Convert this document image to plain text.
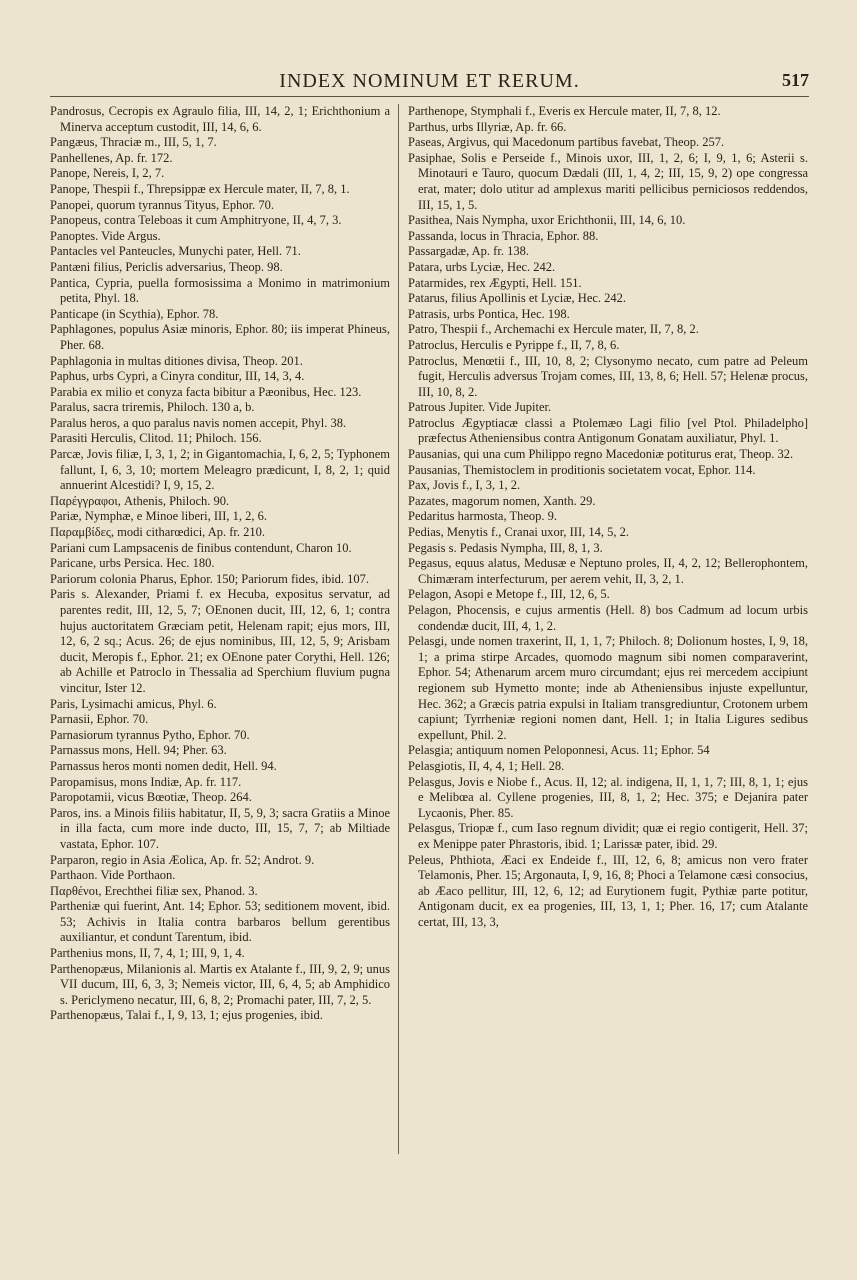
INDEX NOMINUM ET RERUM.	517

Pandrosus, Cecropis ex Agraulo filia, III, 14, 2, 1; Erichthonium a Minerva acceptum custodit, III, 14, 6, 6.

Pangæus, Thraciæ m., III, 5, 1, 7.

Panhellenes, Ap. fr. 172.

Panope, Nereis, I, 2, 7.

Panope, Thespii f., Threpsippæ ex Hercule mater, II, 7, 8, 1.

Panopei, quorum tyrannus Tityus, Ephor. 70.

Panopeus, contra Teleboas it cum Amphitryone, II, 4, 7, 3.

Panoptes. Vide Argus.

Pantacles vel Panteucles, Munychi pater, Hell. 71.

Pantæni filius, Periclis adversarius, Theop. 98.

Pantica, Cypria, puella formosissima a Monimo in matrimonium petita, Phyl. 18.

Panticape (in Scythia), Ephor. 78.

Paphlagones, populus Asiæ minoris, Ephor. 80; iis imperat Phineus, Pher. 68.

Paphlagonia in multas ditiones divisa, Theop. 201.

Paphus, urbs Cypri, a Cinyra conditur, III, 14, 3, 4.

Parabia ex milio et conyza facta bibitur a Pæonibus, Hec. 123.

Paralus, sacra triremis, Philoch. 130 a, b.

Paralus heros, a quo paralus navis nomen accepit, Phyl. 38.

Parasiti Herculis, Clitod. 11; Philoch. 156.

Parcæ, Jovis filiæ, I, 3, 1, 2; in Gigantomachia, I, 6, 2, 5; Typhonem fallunt, I, 6, 3, 10; mortem Meleagro prædicunt, I, 8, 2, 1; quid annuerint Alcestidi? I, 9, 15, 2.

Παρέγγραφοι, Athenis, Philoch. 90.

Pariæ, Nymphæ, e Minoe liberi, III, 1, 2, 6.

Παραμβίδες, modi citharœdici, Ap. fr. 210.

Pariani cum Lampsacenis de finibus contendunt, Charon 10.

Paricane, urbs Persica. Hec. 180.

Pariorum colonia Pharus, Ephor. 150; Pariorum fides, ibid. 107.

Paris s. Alexander, Priami f. ex Hecuba, expositus servatur, ad parentes redit, III, 12, 5, 7; OEnonen ducit, III, 12, 6, 1; contra hujus auctoritatem Græciam petit, Helenam rapit; ejus mors, III, 12, 6, 2 sq.; Acus. 26; de ejus nominibus, III, 12, 5, 9; Arisbam ducit, Meropis f., Ephor. 21; ex OEnone pater Corythi, Hell. 126; ab Achille et Patroclo in Thessalia ad Sperchium fluvium pugna vincitur, Ister 12.

Paris, Lysimachi amicus, Phyl. 6.

Parnasii, Ephor. 70.

Parnasiorum tyrannus Pytho, Ephor. 70.

Parnassus mons, Hell. 94; Pher. 63.

Parnassus heros monti nomen dedit, Hell. 94.

Paropamisus, mons Indiæ, Ap. fr. 117.

Paropotamii, vicus Bœotiæ, Theop. 264.

Paros, ins. a Minois filiis habitatur, II, 5, 9, 3; sacra Gratiis a Minoe in illa facta, cum more inde ducto, III, 15, 7, 7; ab Miltiade vastata, Ephor. 107.

Parparon, regio in Asia Æolica, Ap. fr. 52; Androt. 9.

Parthaon. Vide Porthaon.

Παρθένοι, Erechthei filiæ sex, Phanod. 3.

Partheniæ qui fuerint, Ant. 14; Ephor. 53; seditionem movent, ibid. 53; Achivis in Italia contra barbaros bellum gerentibus auxiliantur, et condunt Tarentum, ibid.

Parthenius mons, II, 7, 4, 1; III, 9, 1, 4.

Parthenopæus, Milanionis al. Martis ex Atalante f., III, 9, 2, 9; unus VII ducum, III, 6, 3, 3; Nemeis victor, III, 6, 4, 5; ab Amphidico s. Periclymeno necatur, III, 6, 8, 2; Promachi pater, III, 7, 2, 5.

Parthenopæus, Talai f., I, 9, 13, 1; ejus progenies, ibid.

Parthenope, Stymphali f., Everis ex Hercule mater, II, 7, 8, 12.

Parthus, urbs Illyriæ, Ap. fr. 66.

Paseas, Argivus, qui Macedonum partibus favebat, Theop. 257.

Pasiphae, Solis e Perseide f., Minois uxor, III, 1, 2, 6; I, 9, 1, 6; Asterii s. Minotauri e Tauro, quocum Dædali (III, 1, 4, 2; III, 15, 9, 2) ope congressa erat, mater; dolo utitur ad amplexus mariti pellicibus perniciosos reddendos, III, 15, 1, 5.

Pasithea, Nais Nympha, uxor Erichthonii, III, 14, 6, 10.

Passanda, locus in Thracia, Ephor. 88.

Passargadæ, Ap. fr. 138.

Patara, urbs Lyciæ, Hec. 242.

Patarmides, rex Ægypti, Hell. 151.

Patarus, filius Apollinis et Lyciæ, Hec. 242.

Patrasis, urbs Pontica, Hec. 198.

Patro, Thespii f., Archemachi ex Hercule mater, II, 7, 8, 2.

Patroclus, Herculis e Pyrippe f., II, 7, 8, 6.

Patroclus, Menœtii f., III, 10, 8, 2; Clysonymo necato, cum patre ad Peleum fugit, Herculis adversus Trojam comes, III, 13, 8, 6; Hell. 57; Helenæ procus, III, 10, 8, 2.

Patrous Jupiter. Vide Jupiter.

Patroclus Ægyptiacæ classi a Ptolemæo Lagi filio [vel Ptol. Philadelpho] præfectus Atheniensibus contra Antigonum Gonatam auxiliatur, Phyl. 1.

Pausanias, qui una cum Philippo regno Macedoniæ potiturus erat, Theop. 32.

Pausanias, Themistoclem in proditionis societatem vocat, Ephor. 114.

Pax, Jovis f., I, 3, 1, 2.

Pazates, magorum nomen, Xanth. 29.

Pedaritus harmosta, Theop. 9.

Pedias, Menytis f., Cranai uxor, III, 14, 5, 2.

Pegasis s. Pedasis Nympha, III, 8, 1, 3.

Pegasus, equus alatus, Medusæ e Neptuno proles, II, 4, 2, 12; Bellerophontem, Chimæram interfecturum, per aerem vehit, II, 3, 2, 1.

Pelagon, Asopi e Metope f., III, 12, 6, 5.

Pelagon, Phocensis, e cujus armentis (Hell. 8) bos Cadmum ad locum urbis condendæ ducit, III, 4, 1, 2.

Pelasgi, unde nomen traxerint, II, 1, 1, 7; Philoch. 8; Dolionum hostes, I, 9, 18, 1; a prima stirpe Arcades, quomodo magnum sibi nomen comparaverint, Ephor. 54; Athenarum arcem muro circumdant; ejus rei mercedem accipiunt regionem sub Hymetto monte; inde ab Atheniensibus injuste expelluntur, Hec. 362; a Græcis patria expulsi in Italiam transgrediuntur, Crotonem urbem capiunt; Tyrrheniæ regioni nomen dant, Hell. 1; in Italia Ligures sedibus expellunt, Phil. 2.

Pelasgia; antiquum nomen Peloponnesi, Acus. 11; Ephor. 54

Pelasgiotis, II, 4, 4, 1; Hell. 28.

Pelasgus, Jovis e Niobe f., Acus. II, 12; al. indigena, II, 1, 1, 7; III, 8, 1, 1; ejus e Melibœa al. Cyllene progenies, III, 8, 1, 2; Hec. 375; e Dejanira pater Lycaonis, Pher. 85.

Pelasgus, Triopæ f., cum Iaso regnum dividit; quæ ei regio contigerit, Hell. 37; ex Menippe pater Phrastoris, ibid. 1; Larissæ pater, ibid. 29.

Peleus, Phthiota, Æaci ex Endeide f., III, 12, 6, 8; amicus non vero frater Telamonis, Pher. 15; Argonauta, I, 9, 16, 8; Phoci a Telamone cæsi consocius, ab Æaco pellitur, III, 12, 6, 12; ad Eurytionem fugit, Pythiæ parte potitur, Antigonam ducit, ex ea progenies, III, 13, 1, 1; Pher. 16, 17; cum Atalante certat, III, 13, 3,
